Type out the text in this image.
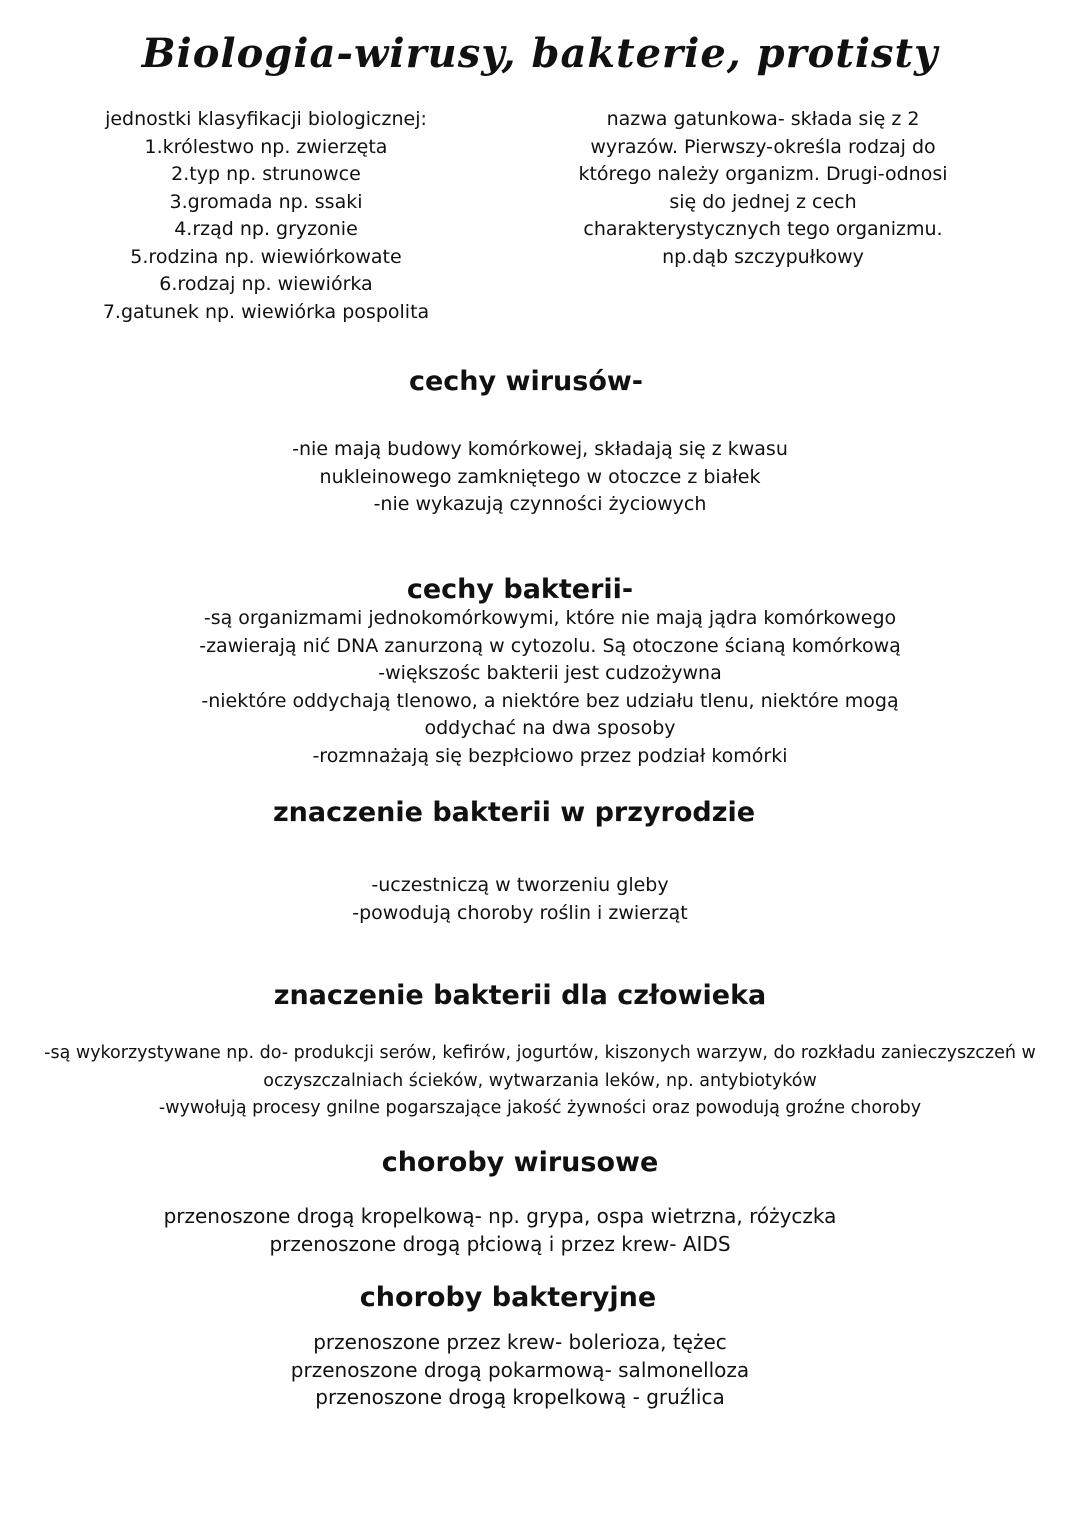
Biologia-wirusy, bakterie, protisty
jednostki klasyfikacji biologicznej:
1.królestwo np. zwierzęta
2.typ np. strunowce
3.gromada np. ssaki
4.rząd np. gryzonie
5.rodzina np. wiewiórkowate
6.rodzaj np. wiewiórka
7.gatunek np. wiewiórka pospolita
nazwa gatunkowa- składa się z 2
wyrazów. Pierwszy-określa rodzaj do
którego należy organizm. Drugi-odnosi
się do jednej z cech
charakterystycznych tego organizmu.
np.dąb szczypułkowy
cechy wirusów-
-nie mają budowy komórkowej, składają się z kwasu
nukleinowego zamkniętego w otoczce z białek
-nie wykazują czynności życiowych
cechy bakterii-
-są organizmami jednokomórkowymi, które nie mają jądra komórkowego
-zawierają nić DNA zanurzoną w cytozolu. Są otoczone ścianą komórkową
-większośc bakterii jest cudzożywna
-niektóre oddychają tlenowo, a niektóre bez udziału tlenu, niektóre mogą
oddychać na dwa sposoby
-rozmnażają się bezpłciowo przez podział komórki
znaczenie bakterii w przyrodzie
-uczestniczą w tworzeniu gleby
-powodują choroby roślin i zwierząt
znaczenie bakterii dla człowieka
-są wykorzystywane np. do- produkcji serów, kefirów, jogurtów, kiszonych warzyw, do rozkładu zanieczyszczeń w
oczyszczalniach ścieków, wytwarzania leków, np. antybiotyków
-wywołują procesy gnilne pogarszające jakość żywności oraz powodują groźne choroby
choroby wirusowe
przenoszone drogą kropelkową- np. grypa, ospa wietrzna, różyczka
przenoszone drogą płciową i przez krew- AIDS
choroby bakteryjne
przenoszone przez krew- bolerioza, tężec
przenoszone drogą pokarmową- salmonelloza
przenoszone drogą kropelkową - gruźlica
